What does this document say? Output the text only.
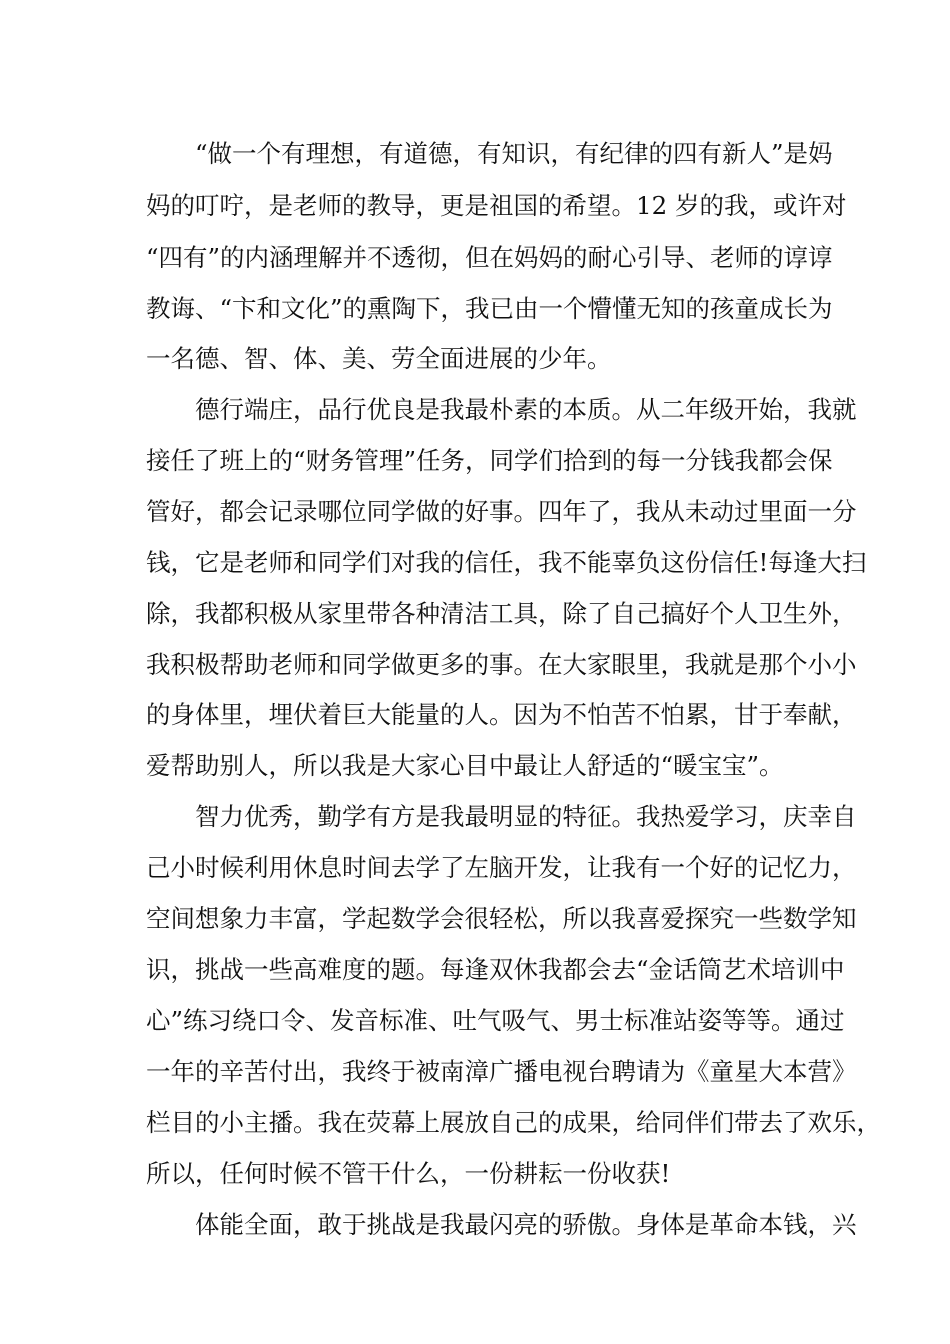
“做一个有理想，有道德，有知识，有纪律的四有新人”是妈
妈的叮咛，是老师的教导，更是祖国的希望。12 岁的我，或许对
“四有”的内涵理解并不透彻，但在妈妈的耐心引导、老师的谆谆
教诲、“卞和文化”的熏陶下，我已由一个懵懂无知的孩童成长为
一名德、智、体、美、劳全面进展的少年。
德行端庄，品行优良是我最朴素的本质。从二年级开始，我就
接任了班上的“财务管理”任务，同学们拾到的每一分钱我都会保
管好，都会记录哪位同学做的好事。四年了，我从未动过里面一分
钱，它是老师和同学们对我的信任，我不能辜负这份信任!每逢大扫
除，我都积极从家里带各种清洁工具，除了自己搞好个人卫生外，
我积极帮助老师和同学做更多的事。在大家眼里，我就是那个小小
的身体里，埋伏着巨大能量的人。因为不怕苦不怕累，甘于奉献，
爱帮助别人，所以我是大家心目中最让人舒适的“暖宝宝”。
智力优秀，勤学有方是我最明显的特征。我热爱学习，庆幸自
己小时候利用休息时间去学了左脑开发，让我有一个好的记忆力，
空间想象力丰富，学起数学会很轻松，所以我喜爱探究一些数学知
识，挑战一些高难度的题。每逢双休我都会去“金话筒艺术培训中
心”练习绕口令、发音标准、吐气吸气、男士标准站姿等等。通过
一年的辛苦付出，我终于被南漳广播电视台聘请为《童星大本营》
栏目的小主播。我在荧幕上展放自己的成果，给同伴们带去了欢乐，
所以，任何时候不管干什么，一份耕耘一份收获!
体能全面，敢于挑战是我最闪亮的骄傲。身体是革命本钱，兴
